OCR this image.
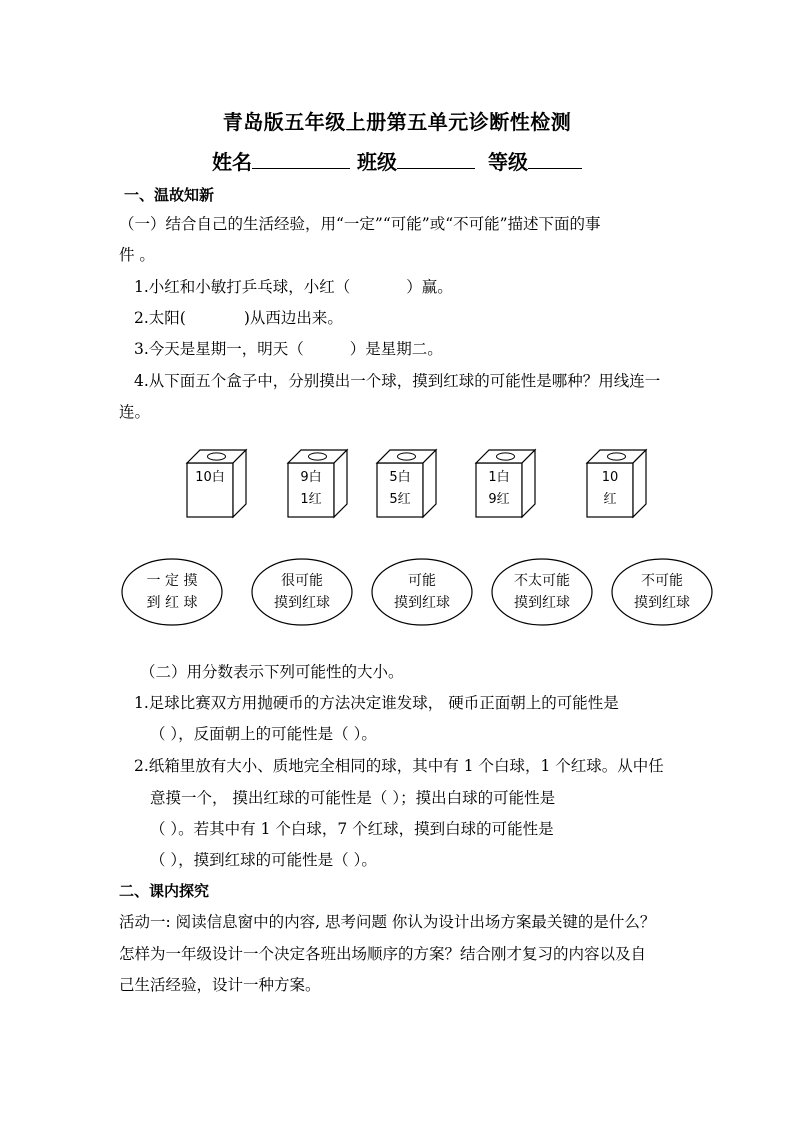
青岛版五年级上册第五单元诊断性检测
姓名	班级	等级
一、温故知新
（一）结合自己的生活经验，用“一定”“可能”或“不可能”描述下面的事
件 。
1.小红和小敏打乒乓球，小红（	）赢。
2.太阳(	)从西边出来。
3.今天是星期一，明天（	）是星期二。
4.从下面五个盒子中，分别摸出一个球，摸到红球的可能性是哪种？用线连一
连。
10白	9白
1红
5白
5红
1白
9红
10
红
一 定 摸
到 红 球
很可能
摸到红球
可能
摸到红球
不太可能
摸到红球
不可能
摸到红球
（二）用分数表示下列可能性的大小。
1.足球比赛双方用抛硬币的方法决定谁发球， 硬币正面朝上的可能性是
（ ），反面朝上的可能性是（ ）。
2.纸箱里放有大小、质地完全相同的球，其中有 1 个白球，1 个红球。从中任
意摸一个， 摸出红球的可能性是（ ）；摸出白球的可能性是
（ ）。若其中有 1 个白球，7 个红球，摸到白球的可能性是
（ ），摸到红球的可能性是（ ）。
二、课内探究
活动一: 阅读信息窗中的内容, 思考问题 你认为设计出场方案最关键的是什么？
怎样为一年级设计一个决定各班出场顺序的方案？结合刚才复习的内容以及自
己生活经验，设计一种方案。
